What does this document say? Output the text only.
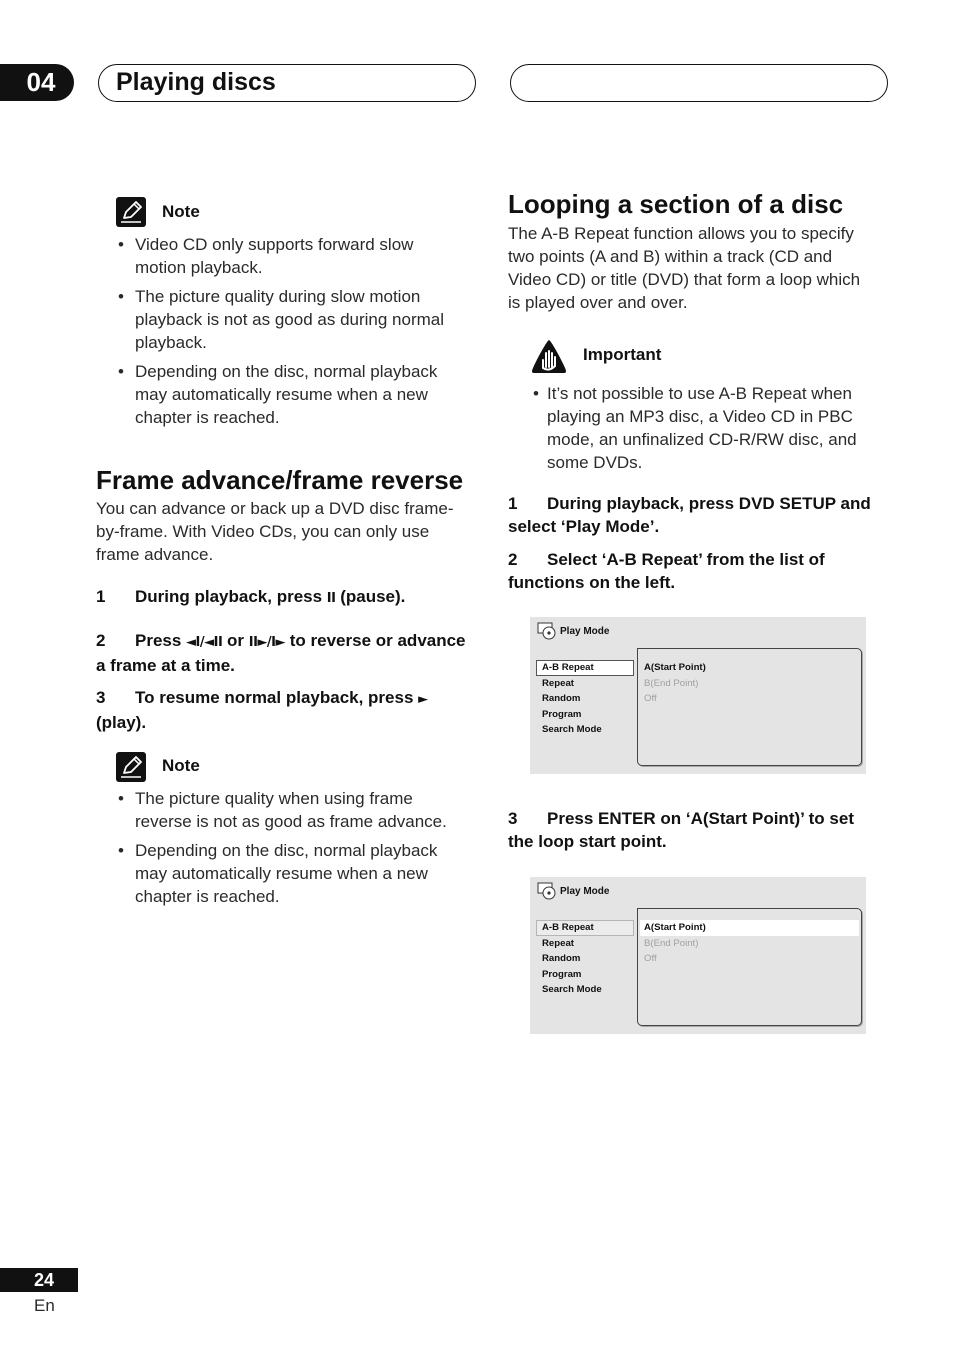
04	Playing discs
Note
• Video CD only supports forward slow motion playback.
• The picture quality during slow motion playback is not as good as during normal playback.
• Depending on the disc, normal playback may automatically resume when a new chapter is reached.
Frame advance/frame reverse

You can advance or back up a DVD disc frame-by-frame. With Video CDs, you can only use frame advance.

1 During playback, press II (pause).

2 Press ◄I/◄II or II►/I► to reverse or advance a frame at a time.

3 To resume normal playback, press ► (play).

Note
• The picture quality when using frame reverse is not as good as frame advance.
• Depending on the disc, normal playback may automatically resume when a new chapter is reached.
Looping a section of a disc

The A-B Repeat function allows you to specify two points (A and B) within a track (CD and Video CD) or title (DVD) that form a loop which is played over and over.

Important
• It’s not possible to use A-B Repeat when playing an MP3 disc, a Video CD in PBC mode, an unfinalized CD-R/RW disc, and some DVDs.

1 During playback, press DVD SETUP and select ‘Play Mode’.

2 Select ‘A-B Repeat’ from the list of functions on the left.

Play Mode
A-B Repeat
Repeat
Random
Program
Search Mode
A(Start Point)
B(End Point)
Off

3 Press ENTER on ‘A(Start Point)’ to set the loop start point.

Play Mode
A-B Repeat
Repeat
Random
Program
Search Mode
A(Start Point)
B(End Point)
Off
24
En
